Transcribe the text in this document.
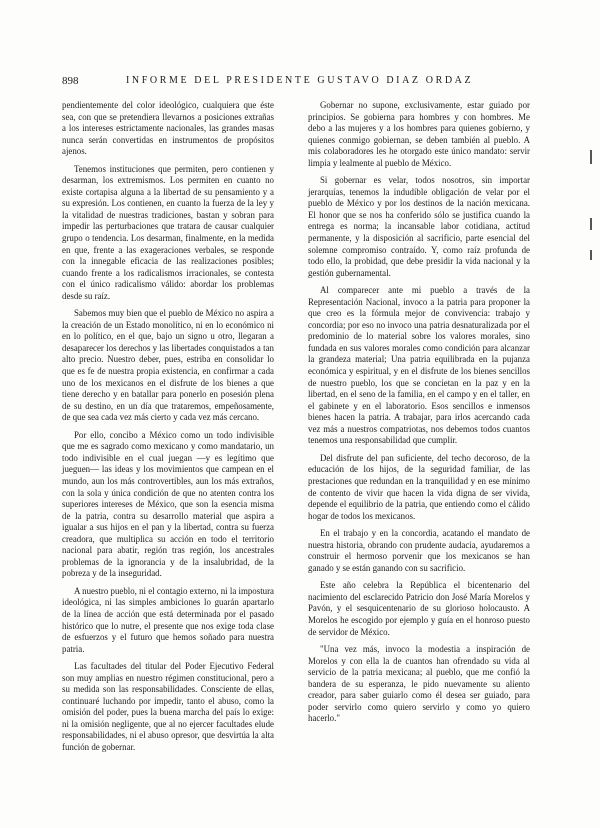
898	INFORME DEL PRESIDENTE GUSTAVO DIAZ ORDAZ

pendientemente del color ideológico, cualquiera que éste sea, con que se pretendiera llevarnos a posiciones extrañas a los intereses estrictamente nacionales, las grandes masas nunca serán convertidas en instrumentos de propósitos ajenos.

Tenemos instituciones que permiten, pero contienen y desarman, los extremismos. Los permiten en cuanto no existe cortapisa alguna a la libertad de su pensamiento y a su expresión. Los contienen, en cuanto la fuerza de la ley y la vitalidad de nuestras tradiciones, bastan y sobran para impedir las perturbaciones que tratara de causar cualquier grupo o tendencia. Los desarman, finalmente, en la medida en que, frente a las exageraciones verbales, se responde con la innegable eficacia de las realizaciones posibles; cuando frente a los radicalismos irracionales, se contesta con el único radicalismo válido: abordar los problemas desde su raíz.

Sabemos muy bien que el pueblo de México no aspira a la creación de un Estado monolítico, ni en lo económico ni en lo político, en el que, bajo un signo u otro, llegaran a desaparecer los derechos y las libertades conquistados a tan alto precio. Nuestro deber, pues, estriba en consolidar lo que es fe de nuestra propia existencia, en confirmar a cada uno de los mexicanos en el disfrute de los bienes a que tiene derecho y en batallar para ponerlo en posesión plena de su destino, en un día que trataremos, empeñosamente, de que sea cada vez más cierto y cada vez más cercano.

Por ello, concibo a México como un todo indivisible que me es sagrado como mexicano y como mandatario, un todo indivisible en el cual juegan —y es legítimo que jueguen— las ideas y los movimientos que campean en el mundo, aun los más controvertibles, aun los más extraños, con la sola y única condición de que no atenten contra los superiores intereses de México, que son la esencia misma de la patria, contra su desarrollo material que aspira a igualar a sus hijos en el pan y la libertad, contra su fuerza creadora, que multiplica su acción en todo el territorio nacional para abatir, región tras región, los ancestrales problemas de la ignorancia y de la insalubridad, de la pobreza y de la inseguridad.

A nuestro pueblo, ni el contagio externo, ni la impostura ideológica, ni las simples ambiciones lo guarán apartarlo de la línea de acción que está determinada por el pasado histórico que lo nutre, el presente que nos exige toda clase de esfuerzos y el futuro que hemos soñado para nuestra patria.

Las facultades del titular del Poder Ejecutivo Federal son muy amplias en nuestro régimen constitucional, pero a su medida son las responsabilidades. Consciente de ellas, continuaré luchando por impedir, tanto el abuso, como la omisión del poder, pues la buena marcha del país lo exige: ni la omisión negligente, que al no ejercer facultades elude responsabilidades, ni el abuso opresor, que desvirtúa la alta función de gobernar.

Gobernar no supone, exclusivamente, estar guiado por principios. Se gobierna para hombres y con hombres. Me debo a las mujeres y a los hombres para quienes gobierno, y quienes conmigo gobiernan, se deben también al pueblo. A mis colaboradores les he otorgado este único mandato: servir limpia y lealmente al pueblo de México.

Si gobernar es velar, todos nosotros, sin importar jerarquías, tenemos la indudible obligación de velar por el pueblo de México y por los destinos de la nación mexicana. El honor que se nos ha conferido sólo se justifica cuando la entrega es norma; la incansable labor cotidiana, actitud permanente, y la disposición al sacrificio, parte esencial del solemne compromiso contraído. Y, como raíz profunda de todo ello, la probidad, que debe presidir la vida nacional y la gestión gubernamental.

Al comparecer ante mi pueblo a través de la Representación Nacional, invoco a la patria para proponer la que creo es la fórmula mejor de convivencia: trabajo y concordia; por eso no invoco una patria desnaturalizada por el predominio de lo material sobre los valores morales, sino fundada en sus valores morales como condición para alcanzar la grandeza material; Una patria equilibrada en la pujanza económica y espiritual, y en el disfrute de los bienes sencillos de nuestro pueblo, los que se concietan en la paz y en la libertad, en el seno de la familia, en el campo y en el taller, en el gabinete y en el laboratorio. Esos sencillos e inmensos bienes hacen la patria. A trabajar, para irlos acercando cada vez más a nuestros compatriotas, nos debemos todos cuantos tenemos una responsabilidad que cumplir.

Del disfrute del pan suficiente, del techo decoroso, de la educación de los hijos, de la seguridad familiar, de las prestaciones que redundan en la tranquilidad y en ese mínimo de contento de vivir que hacen la vida digna de ser vivida, depende el equilibrio de la patria, que entiendo como el cálido hogar de todos los mexicanos.

En el trabajo y en la concordia, acatando el mandato de nuestra historia, obrando con prudente audacia, ayudaremos a construir el hermoso porvenir que los mexicanos se han ganado y se están ganando con su sacrificio.

Este año celebra la República el bicentenario del nacimiento del esclarecido Patricio don José María Morelos y Pavón, y el sesquicentenario de su glorioso holocausto. A Morelos he escogido por ejemplo y guía en el honroso puesto de servidor de México.

"Una vez más, invoco la modestia a inspiración de Morelos y con ella la de cuantos han ofrendado su vida al servicio de la patria mexicana; al pueblo, que me confió la bandera de su esperanza, le pido nuevamente su aliento creador, para saber guiarlo como él desea ser guiado, para poder servirlo como quiero servirlo y como yo quiero hacerlo."
